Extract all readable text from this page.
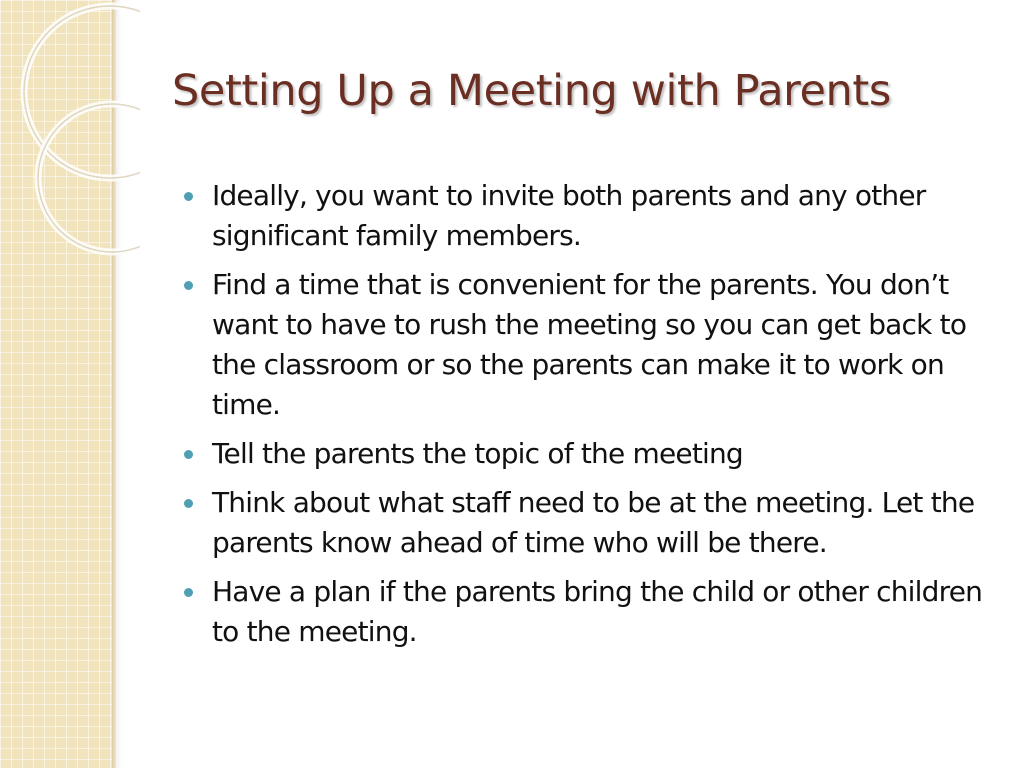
Setting Up a Meeting with Parents
Ideally, you want to invite both parents and any other significant family members.
Find a time that is convenient for the parents. You don’t want to have to rush the meeting so you can get back to the classroom or so the parents can make it to work on time.
Tell the parents the topic of the meeting
Think about what staff need to be at the meeting. Let the parents know ahead of time who will be there.
Have a plan if the parents bring the child or other children to the meeting.
